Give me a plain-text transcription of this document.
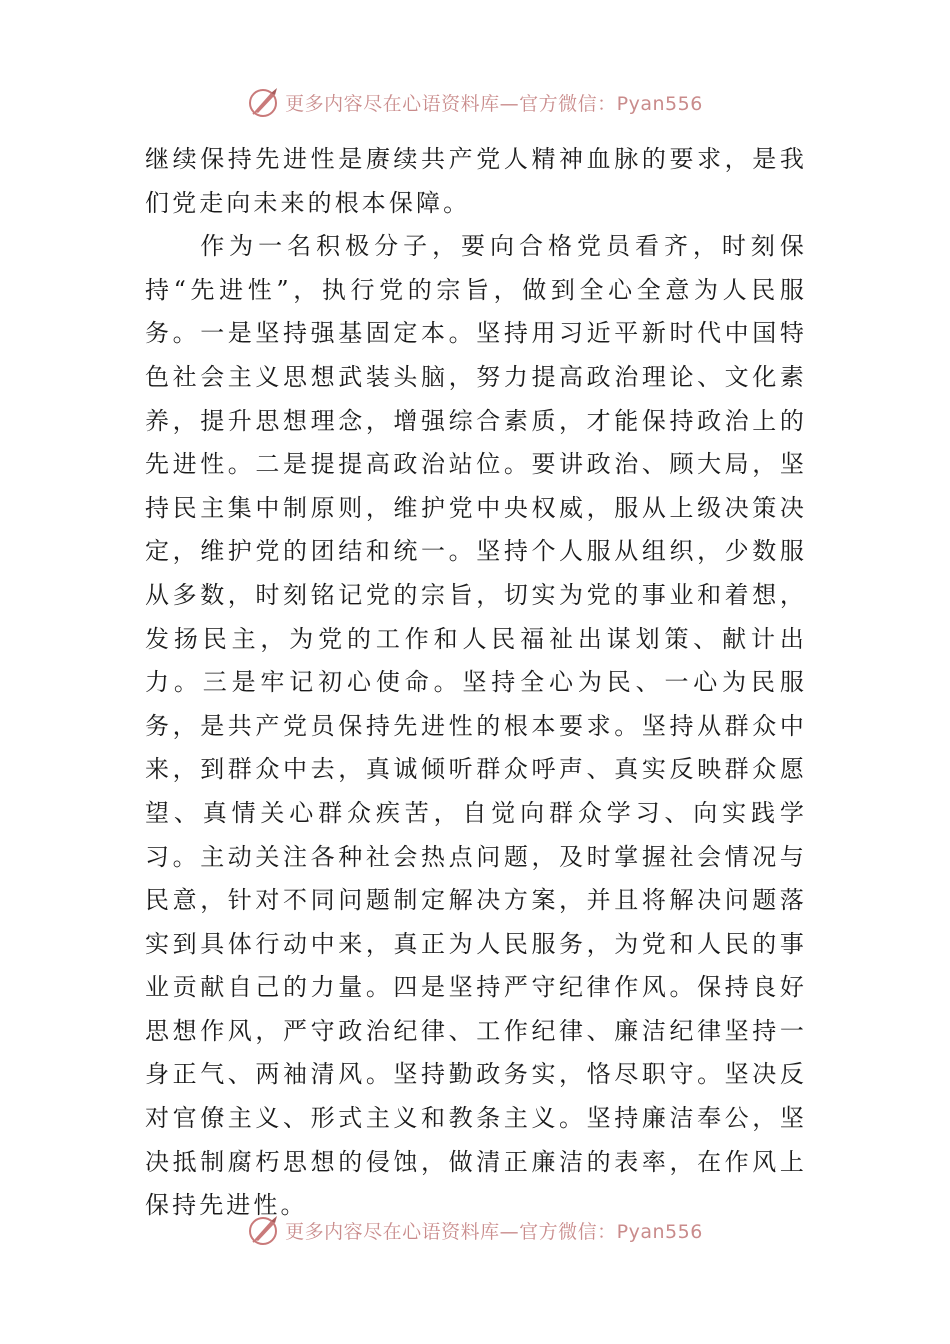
更多内容尽在心语资料库—官方微信：Pyan556

继续保持先进性是赓续共产党人精神血脉的要求，是我们党走向未来的根本保障。

作为一名积极分子，要向合格党员看齐，时刻保持“先进性”，执行党的宗旨，做到全心全意为人民服务。一是坚持强基固定本。坚持用习近平新时代中国特色社会主义思想武装头脑，努力提高政治理论、文化素养，提升思想理念，增强综合素质，才能保持政治上的先进性。二是提提高政治站位。要讲政治、顾大局，坚持民主集中制原则，维护党中央权威，服从上级决策决定，维护党的团结和统一。坚持个人服从组织，少数服从多数，时刻铭记党的宗旨，切实为党的事业和着想，发扬民主，为党的工作和人民福祉出谋划策、献计出力。三是牢记初心使命。坚持全心为民、一心为民服务，是共产党员保持先进性的根本要求。坚持从群众中来，到群众中去，真诚倾听群众呼声、真实反映群众愿望、真情关心群众疾苦，自觉向群众学习、向实践学习。主动关注各种社会热点问题，及时掌握社会情况与民意，针对不同问题制定解决方案，并且将解决问题落实到具体行动中来，真正为人民服务，为党和人民的事业贡献自己的力量。四是坚持严守纪律作风。保持良好思想作风，严守政治纪律、工作纪律、廉洁纪律坚持一身正气、两袖清风。坚持勤政务实，恪尽职守。坚决反对官僚主义、形式主义和教条主义。坚持廉洁奉公，坚决抵制腐朽思想的侵蚀，做清正廉洁的表率，在作风上保持先进性。

更多内容尽在心语资料库—官方微信：Pyan556
